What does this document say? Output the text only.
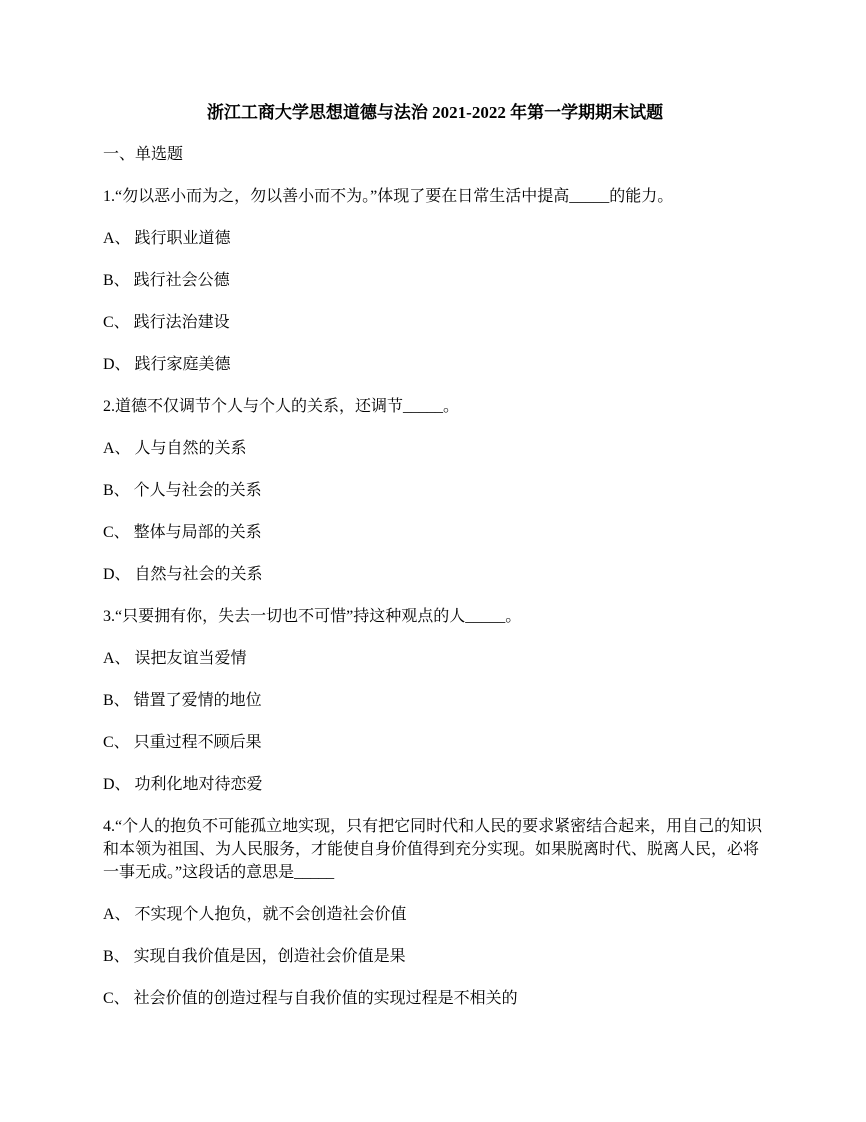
浙江工商大学思想道德与法治 2021-2022 年第一学期期末试题
一、单选题
1.“勿以恶小而为之，勿以善小而不为。”体现了要在日常生活中提高_____的能力。
A、 践行职业道德
B、 践行社会公德
C、 践行法治建设
D、 践行家庭美德
2.道德不仅调节个人与个人的关系，还调节_____。
A、 人与自然的关系
B、 个人与社会的关系
C、 整体与局部的关系
D、 自然与社会的关系
3.“只要拥有你，失去一切也不可惜”持这种观点的人_____。
A、 误把友谊当爱情
B、 错置了爱情的地位
C、 只重过程不顾后果
D、 功利化地对待恋爱
4.“个人的抱负不可能孤立地实现，只有把它同时代和人民的要求紧密结合起来，用自己的知识和本领为祖国、为人民服务，才能使自身价值得到充分实现。如果脱离时代、脱离人民，必将一事无成。”这段话的意思是_____
A、 不实现个人抱负，就不会创造社会价值
B、 实现自我价值是因，创造社会价值是果
C、 社会价值的创造过程与自我价值的实现过程是不相关的
